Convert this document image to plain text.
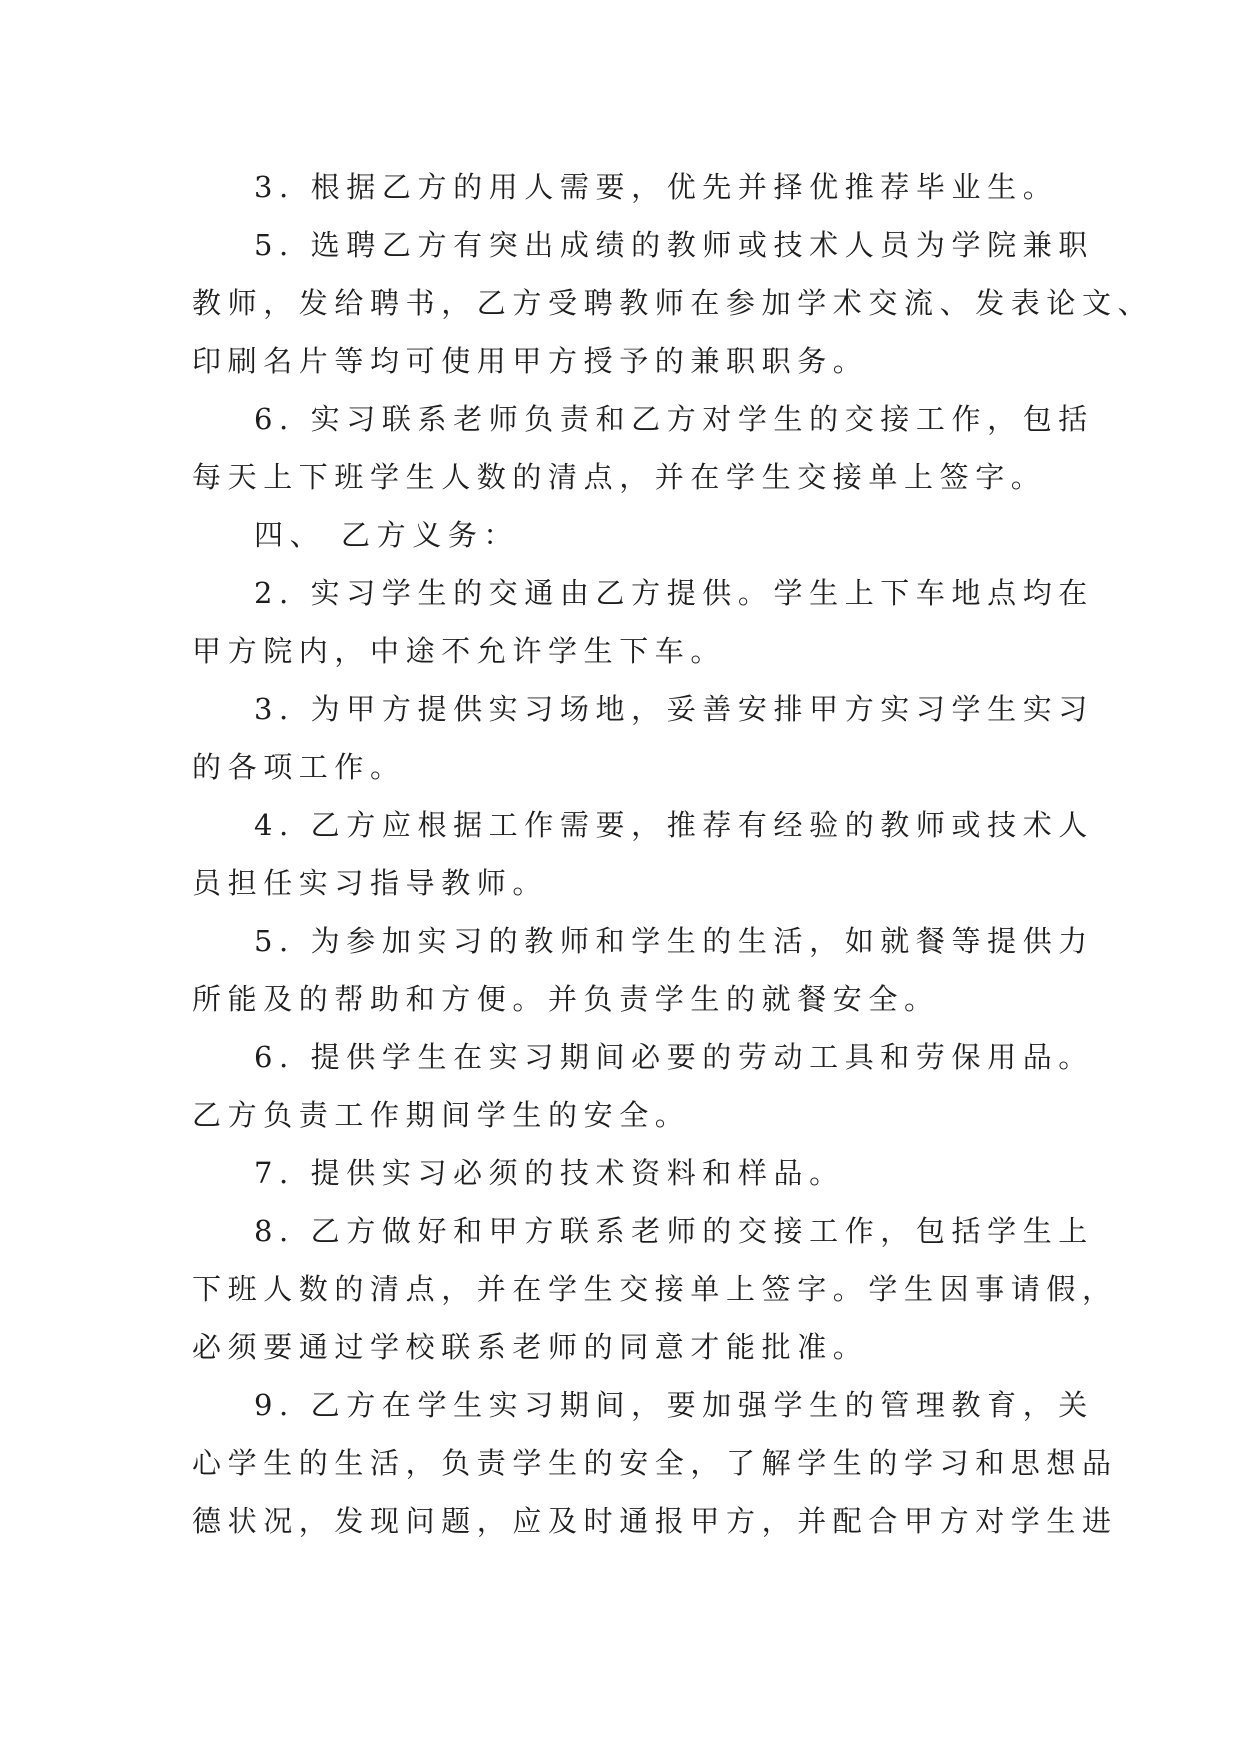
3. 根据乙方的用人需要，优先并择优推荐毕业生。
5. 选聘乙方有突出成绩的教师或技术人员为学院兼职
教师，发给聘书，乙方受聘教师在参加学术交流、发表论文、
印刷名片等均可使用甲方授予的兼职职务。
6. 实习联系老师负责和乙方对学生的交接工作，包括
每天上下班学生人数的清点，并在学生交接单上签字。
四、 乙方义务：
2. 实习学生的交通由乙方提供。学生上下车地点均在
甲方院内，中途不允许学生下车。
3. 为甲方提供实习场地，妥善安排甲方实习学生实习
的各项工作。
4. 乙方应根据工作需要，推荐有经验的教师或技术人
员担任实习指导教师。
5. 为参加实习的教师和学生的生活，如就餐等提供力
所能及的帮助和方便。并负责学生的就餐安全。
6. 提供学生在实习期间必要的劳动工具和劳保用品。
乙方负责工作期间学生的安全。
7. 提供实习必须的技术资料和样品。
8. 乙方做好和甲方联系老师的交接工作，包括学生上
下班人数的清点，并在学生交接单上签字。学生因事请假，
必须要通过学校联系老师的同意才能批准。
9. 乙方在学生实习期间，要加强学生的管理教育，关
心学生的生活，负责学生的安全，了解学生的学习和思想品
德状况，发现问题，应及时通报甲方，并配合甲方对学生进
